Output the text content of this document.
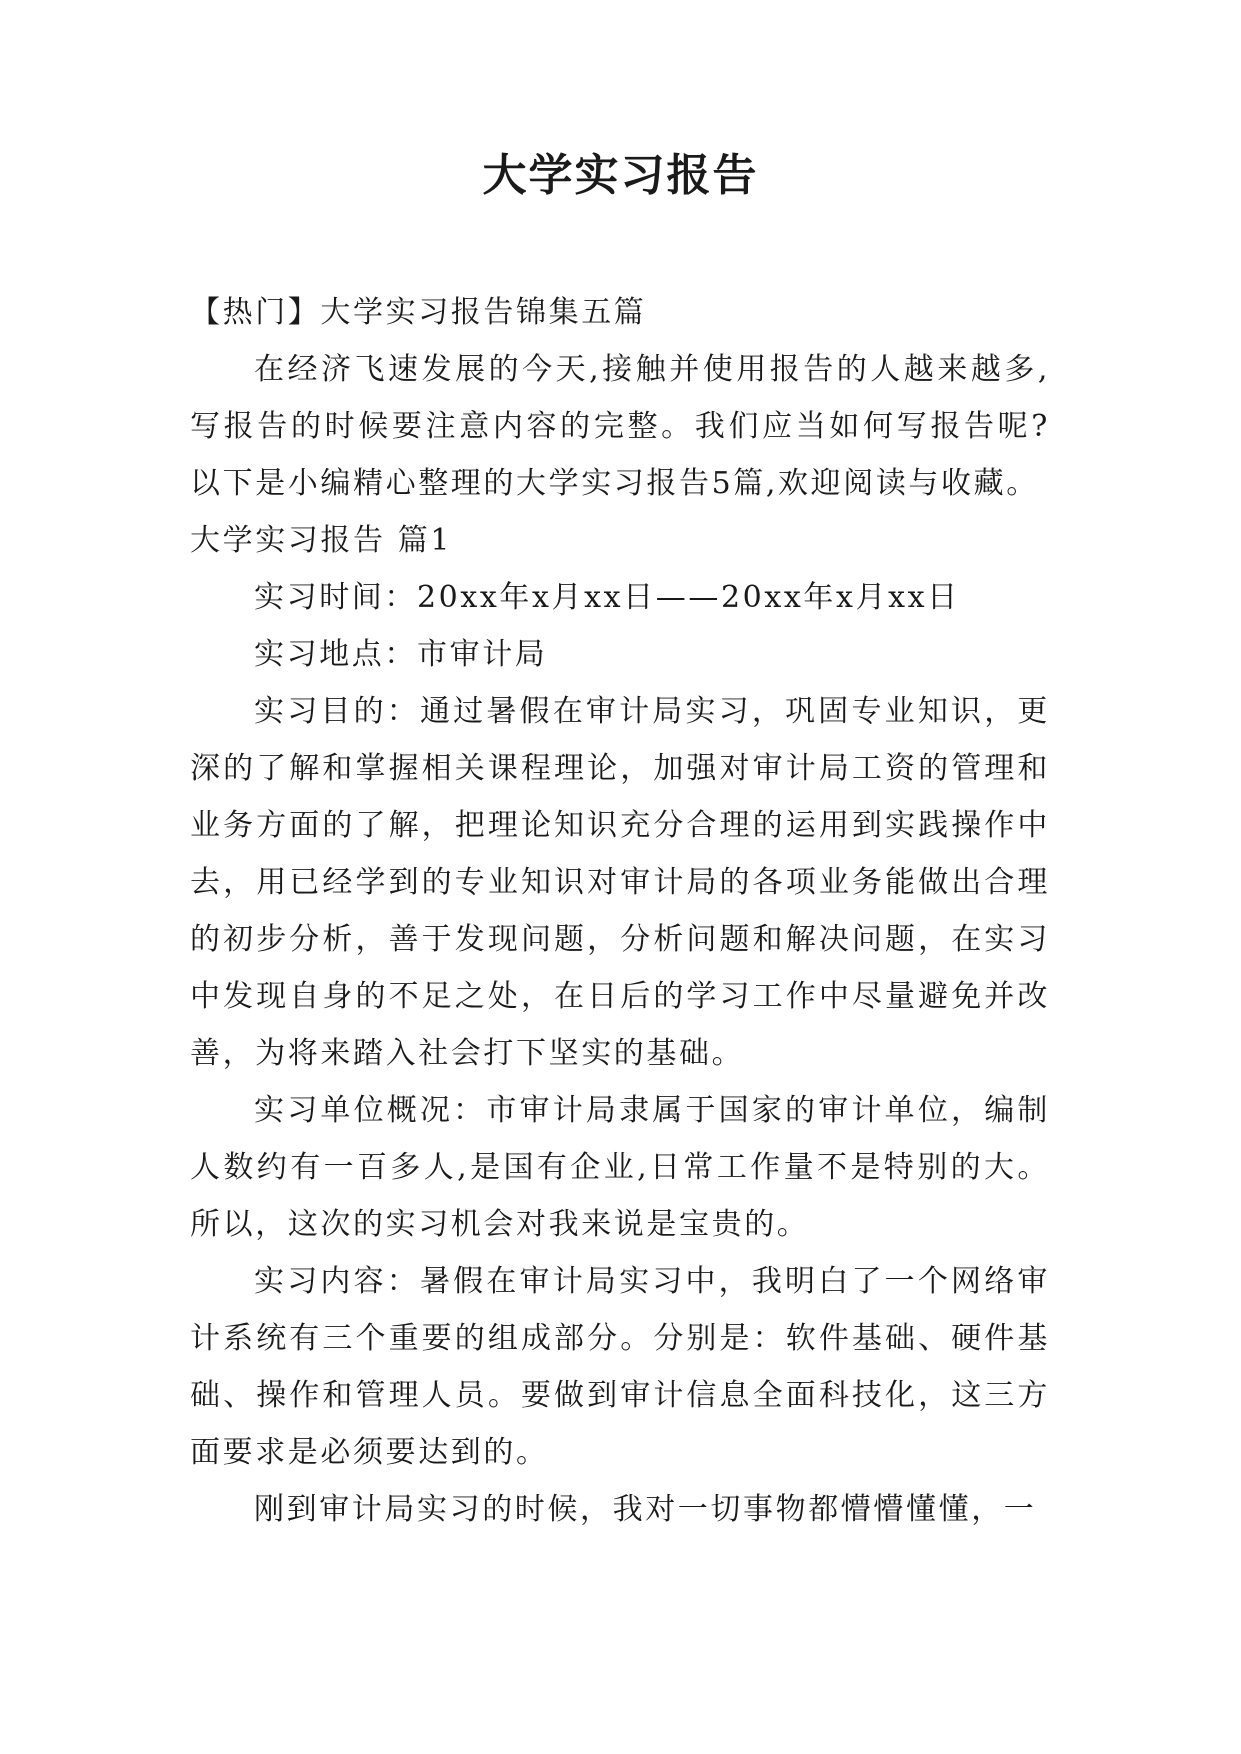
大学实习报告

【热门】大学实习报告锦集五篇

在经济飞速发展的今天,接触并使用报告的人越来越多,写报告的时候要注意内容的完整。我们应当如何写报告呢?以下是小编精心整理的大学实习报告5篇,欢迎阅读与收藏。

大学实习报告 篇1

实习时间：20xx年x月xx日——20xx年x月xx日

实习地点：市审计局

实习目的：通过暑假在审计局实习，巩固专业知识，更深的了解和掌握相关课程理论，加强对审计局工资的管理和业务方面的了解，把理论知识充分合理的运用到实践操作中去，用已经学到的专业知识对审计局的各项业务能做出合理的初步分析，善于发现问题，分析问题和解决问题，在实习中发现自身的不足之处，在日后的学习工作中尽量避免并改善，为将来踏入社会打下坚实的基础。

实习单位概况：市审计局隶属于国家的审计单位，编制人数约有一百多人,是国有企业,日常工作量不是特别的大。所以，这次的实习机会对我来说是宝贵的。

实习内容：暑假在审计局实习中，我明白了一个网络审计系统有三个重要的组成部分。分别是：软件基础、硬件基础、操作和管理人员。要做到审计信息全面科技化，这三方面要求是必须要达到的。

刚到审计局实习的时候，我对一切事物都懵懵懂懂，一
